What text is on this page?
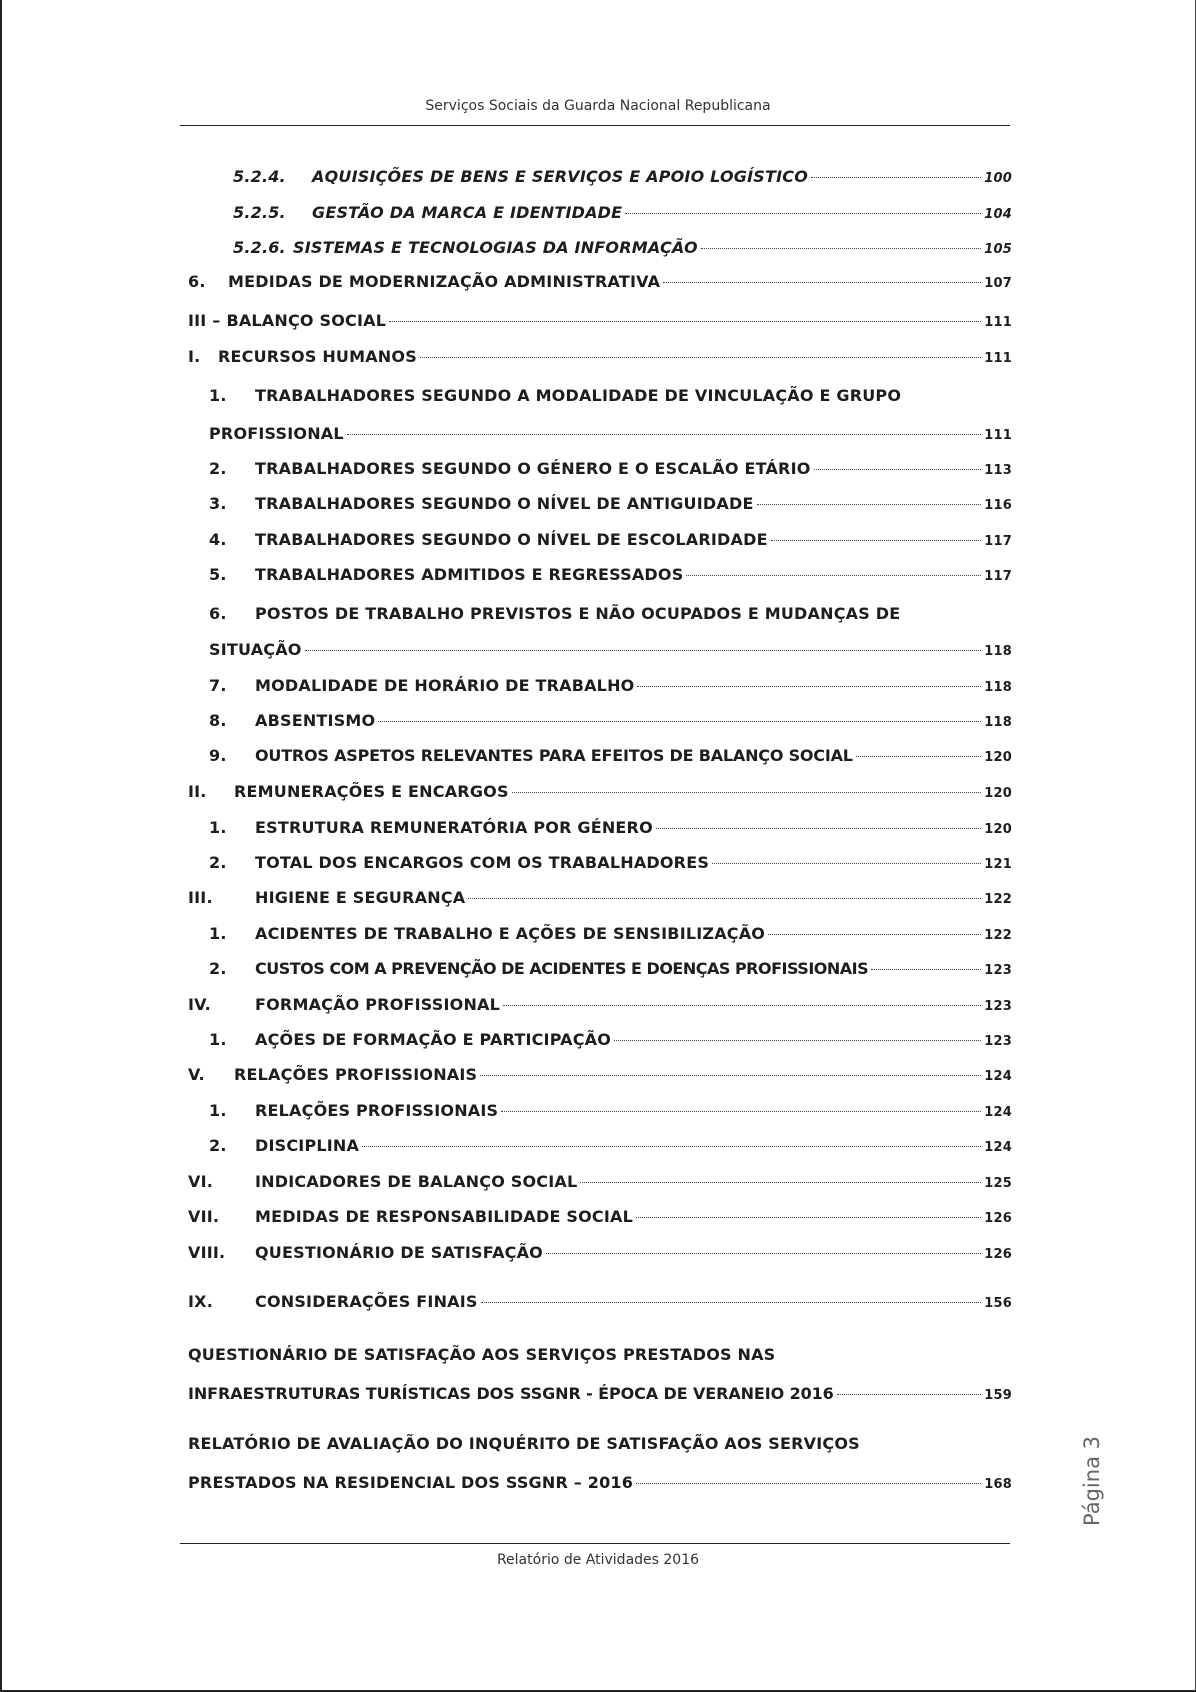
Serviços Sociais da Guarda Nacional Republicana
5.2.4.	AQUISIÇÕES DE BENS E SERVIÇOS E APOIO LOGÍSTICO	100
5.2.5.	GESTÃO DA MARCA E IDENTIDADE	104
5.2.6. SISTEMAS E TECNOLOGIAS DA INFORMAÇÃO	105
6.	MEDIDAS DE MODERNIZAÇÃO ADMINISTRATIVA	107
III – BALANÇO SOCIAL	111
I.	RECURSOS HUMANOS	111
1. TRABALHADORES SEGUNDO A MODALIDADE DE VINCULAÇÃO E GRUPO
PROFISSIONAL	111
2.	TRABALHADORES SEGUNDO O GÉNERO E O ESCALÃO ETÁRIO	113
3.	TRABALHADORES SEGUNDO O NÍVEL DE ANTIGUIDADE	116
4.	TRABALHADORES SEGUNDO O NÍVEL DE ESCOLARIDADE	117
5.	TRABALHADORES ADMITIDOS E REGRESSADOS	117
6. POSTOS DE TRABALHO PREVISTOS E NÃO OCUPADOS E MUDANÇAS DE
SITUAÇÃO	118
7.	MODALIDADE DE HORÁRIO DE TRABALHO	118
8.	ABSENTISMO	118
9.	OUTROS ASPETOS RELEVANTES PARA EFEITOS DE BALANÇO SOCIAL	120
II.	REMUNERAÇÕES E ENCARGOS	120
1.	ESTRUTURA REMUNERATÓRIA POR GÉNERO	120
2.	TOTAL DOS ENCARGOS COM OS TRABALHADORES	121
III.	HIGIENE E SEGURANÇA	122
1.	ACIDENTES DE TRABALHO E AÇÕES DE SENSIBILIZAÇÃO	122
2.	CUSTOS COM A PREVENÇÃO DE ACIDENTES E DOENÇAS PROFISSIONAIS	123
IV.	FORMAÇÃO PROFISSIONAL	123
1.	AÇÕES DE FORMAÇÃO E PARTICIPAÇÃO	123
V.	RELAÇÕES PROFISSIONAIS	124
1.	RELAÇÕES PROFISSIONAIS	124
2.	DISCIPLINA	124
VI.	INDICADORES DE BALANÇO SOCIAL	125
VII.	MEDIDAS DE RESPONSABILIDADE SOCIAL	126
VIII.	QUESTIONÁRIO DE SATISFAÇÃO	126
IX.	CONSIDERAÇÕES FINAIS	156
QUESTIONÁRIO DE SATISFAÇÃO AOS SERVIÇOS PRESTADOS NAS
INFRAESTRUTURAS TURÍSTICAS DOS SSGNR - ÉPOCA DE VERANEIO 2016	159
RELATÓRIO DE AVALIAÇÃO DO INQUÉRITO DE SATISFAÇÃO AOS SERVIÇOS
PRESTADOS NA RESIDENCIAL DOS SSGNR – 2016	168	Página 3
Relatório de Atividades 2016
